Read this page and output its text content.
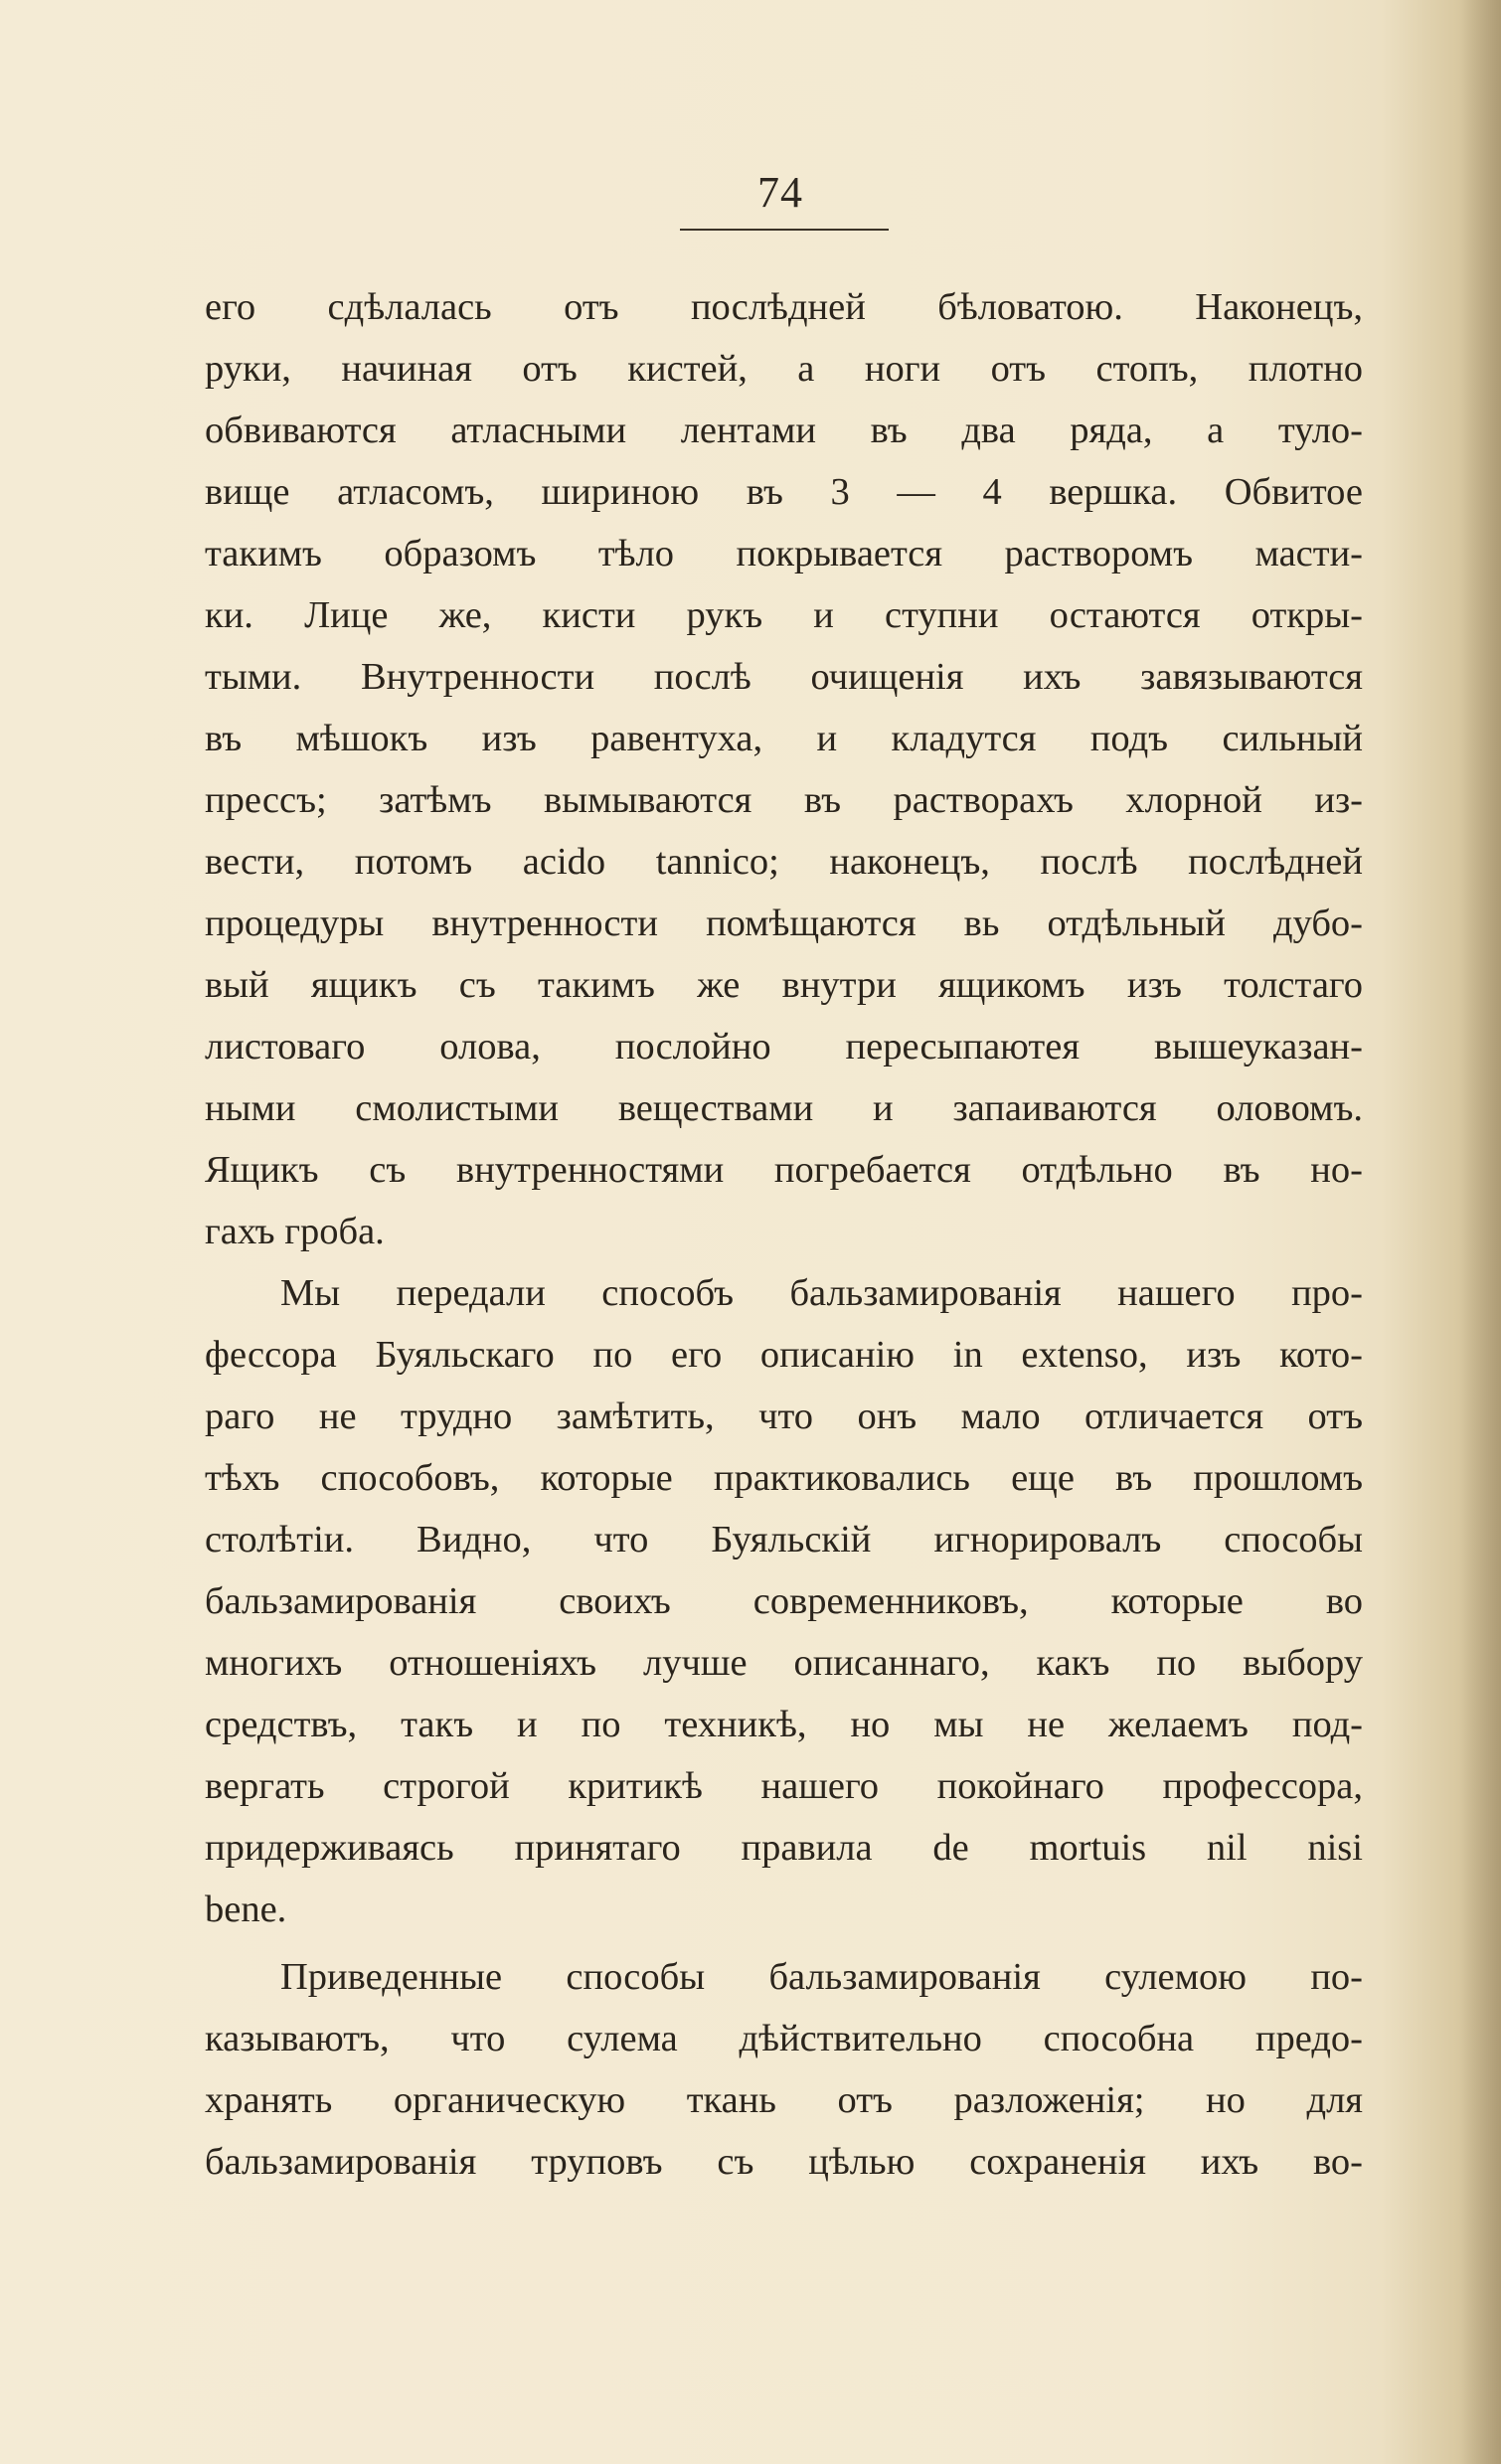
74
его сдѣлалась отъ послѣдней бѣловатою. Наконецъ,
руки, начиная отъ кистей, а ноги отъ стопъ, плотно
обвиваются атласными лентами въ два ряда, а туло-
вище атласомъ, шириною въ 3 — 4 вершка. Обвитое
такимъ образомъ тѣло покрывается растворомъ масти-
ки. Лице же, кисти рукъ и ступни остаются откры-
тыми. Внутренности послѣ очищенія ихъ завязываются
въ мѣшокъ изъ равентуха, и кладутся подъ сильный
прессъ; затѣмъ вымываются въ растворахъ хлорной из-
вести, потомъ acido tannico; наконецъ, послѣ послѣдней
процедуры внутренности помѣщаются вь отдѣльный дубо-
вый ящикъ съ такимъ же внутри ящикомъ изъ толстаго
листоваго олова, послойно пересыпаютея вышеуказан-
ными смолистыми веществами и запаиваются оловомъ.
Ящикъ съ внутренностями погребается отдѣльно въ но-
гахъ гроба.
Мы передали способъ бальзамированія нашего про-
фессора Буяльскаго по его описанію in extenso, изъ кото-
раго не трудно замѣтить, что онъ мало отличается отъ
тѣхъ способовъ, которые практиковались еще въ прошломъ
столѣтіи. Видно, что Буяльскій игнорировалъ способы
бальзамированія своихъ современниковъ, которые во
многихъ отношеніяхъ лучше описаннаго, какъ по выбору
средствъ, такъ и по техникѣ, но мы не желаемъ под-
вергать строгой критикѣ нашего покойнаго профессора,
придерживаясь принятаго правила de mortuis nil nisi
bene.
Приведенные способы бальзамированія сулемою по-
казываютъ, что сулема дѣйствительно способна предо-
хранять органическую ткань отъ разложенія; но для
бальзамированія труповъ съ цѣлью сохраненія ихъ во-
